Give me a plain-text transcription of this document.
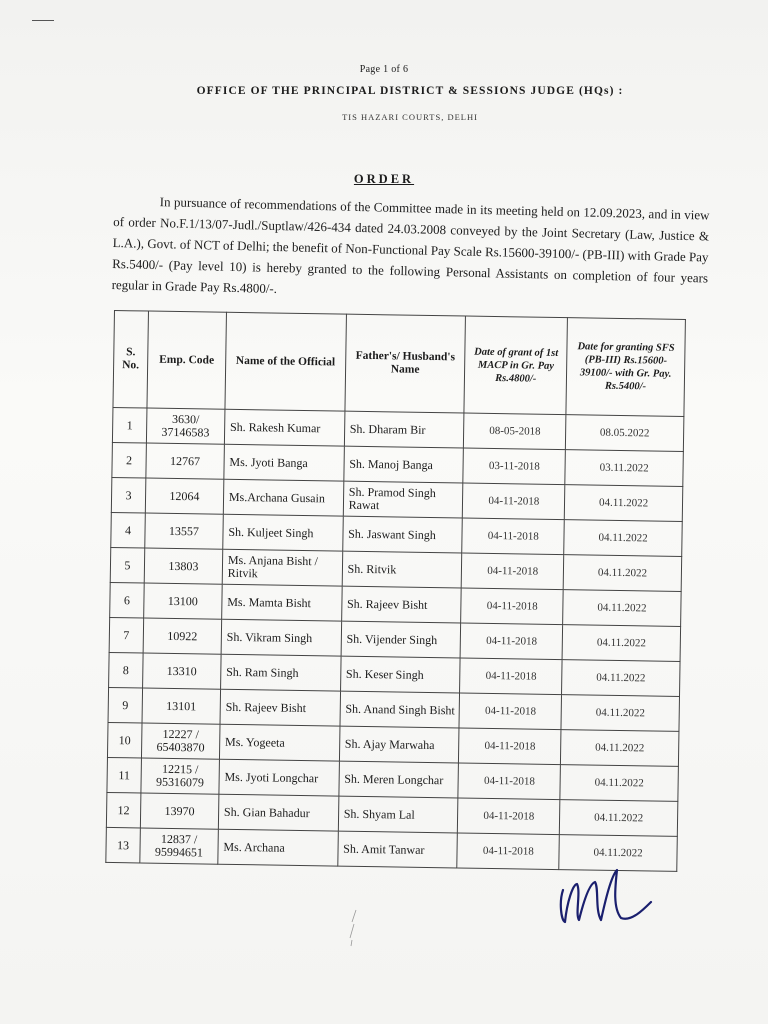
Page 1 of 6
OFFICE OF THE PRINCIPAL DISTRICT & SESSIONS JUDGE (HQs) :
TIS HAZARI COURTS, DELHI
ORDER

In pursuance of recommendations of the Committee made in its meeting held on 12.09.2023, and in view of order No.F.1/13/07-Judl./Suptlaw/426-434 dated 24.03.2008 conveyed by the Joint Secretary (Law, Justice & L.A.), Govt. of NCT of Delhi; the benefit of Non-Functional Pay Scale Rs.15600-39100/- (PB-III) with Grade Pay Rs.5400/- (Pay level 10) is hereby granted to the following Personal Assistants on completion of four years regular in Grade Pay Rs.4800/-.

S. No.	Emp. Code	Name of the Official	Father's/ Husband's Name	Date of grant of 1st MACP in Gr. Pay Rs.4800/-	Date for granting SFS (PB-III) Rs.15600-39100/- with Gr. Pay. Rs.5400/-
1	3630/ 37146583	Sh. Rakesh Kumar	Sh. Dharam Bir	08-05-2018	08.05.2022
2	12767	Ms. Jyoti Banga	Sh. Manoj Banga	03-11-2018	03.11.2022
3	12064	Ms.Archana Gusain	Sh. Pramod Singh Rawat	04-11-2018	04.11.2022
4	13557	Sh. Kuljeet Singh	Sh. Jaswant Singh	04-11-2018	04.11.2022
5	13803	Ms. Anjana Bisht / Ritvik	Sh. Ritvik	04-11-2018	04.11.2022
6	13100	Ms. Mamta Bisht	Sh. Rajeev Bisht	04-11-2018	04.11.2022
7	10922	Sh. Vikram Singh	Sh. Vijender Singh	04-11-2018	04.11.2022
8	13310	Sh. Ram Singh	Sh. Keser Singh	04-11-2018	04.11.2022
9	13101	Sh. Rajeev Bisht	Sh. Anand Singh Bisht	04-11-2018	04.11.2022
10	12227 / 65403870	Ms. Yogeeta	Sh. Ajay Marwaha	04-11-2018	04.11.2022
11	12215 / 95316079	Ms. Jyoti Longchar	Sh. Meren Longchar	04-11-2018	04.11.2022
12	13970	Sh. Gian Bahadur	Sh. Shyam Lal	04-11-2018	04.11.2022
13	12837 / 95994651	Ms. Archana	Sh. Amit Tanwar	04-11-2018	04.11.2022
